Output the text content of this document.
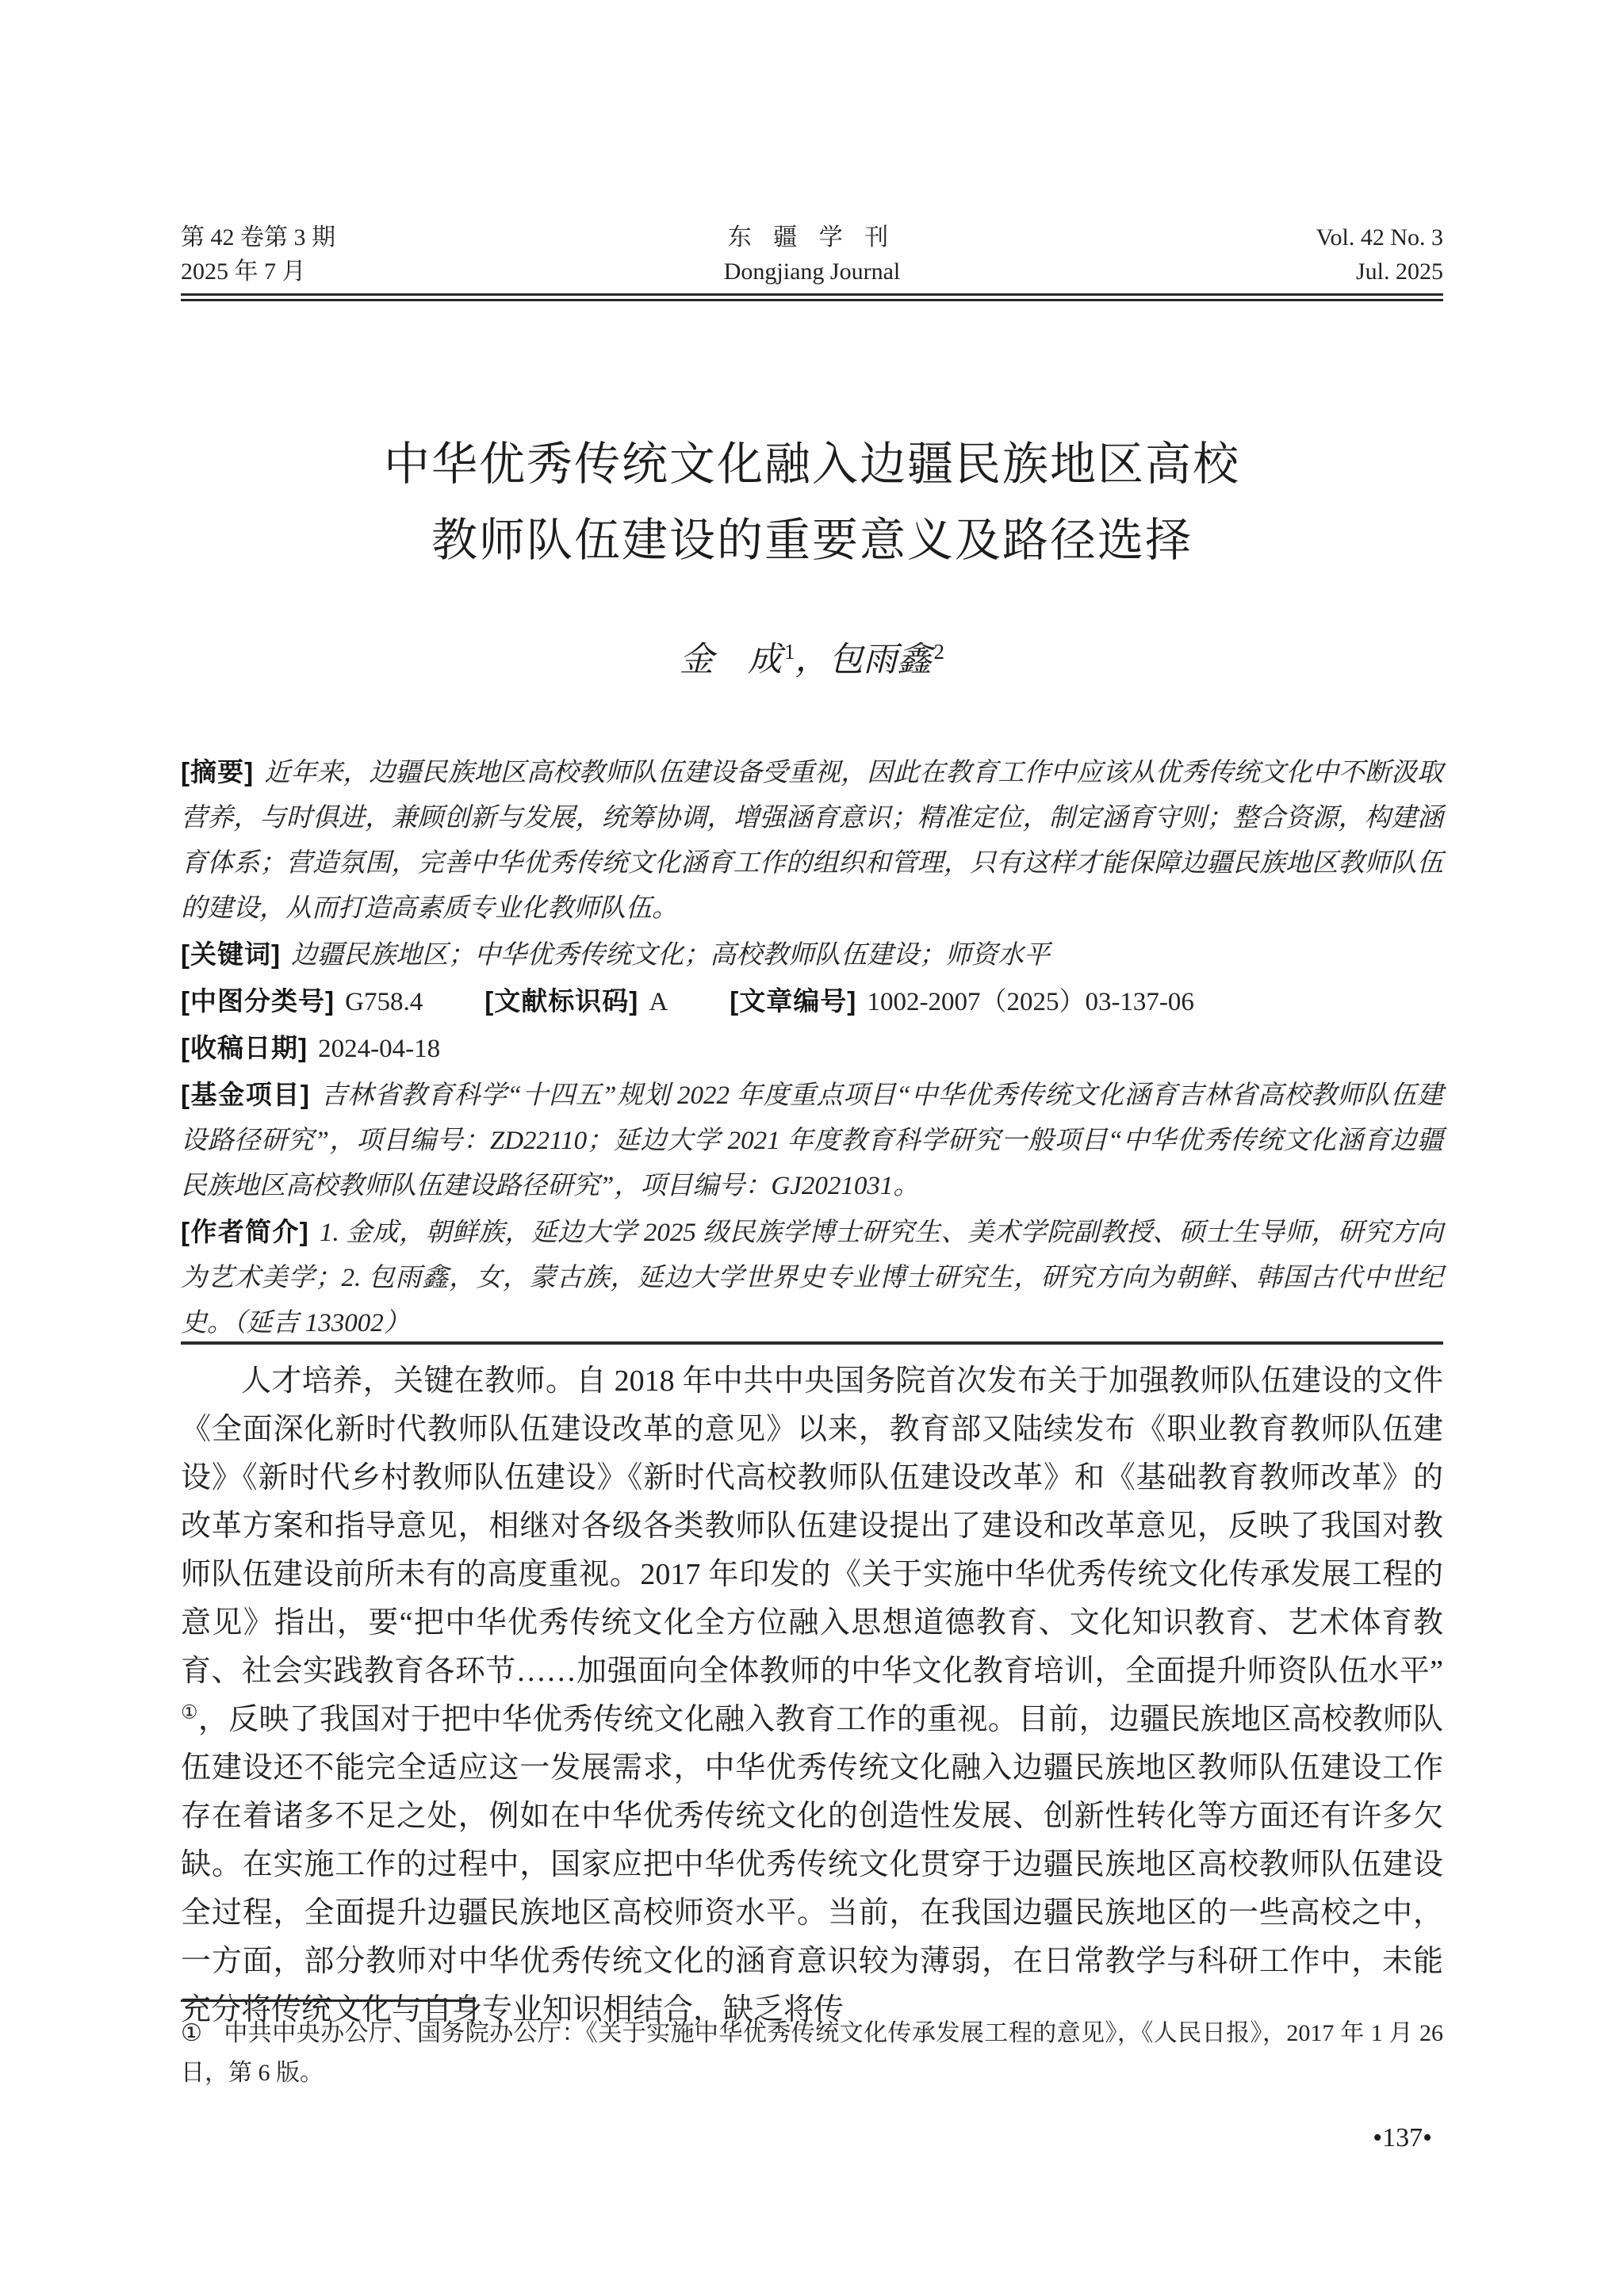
第 42 卷第 3 期
2025 年 7 月
东 疆 学 刊
Dongjiang Journal
Vol. 42 No. 3
Jul. 2025
中华优秀传统文化融入边疆民族地区高校
教师队伍建设的重要意义及路径选择
金　成 $^1$，包雨鑫 $^2$

[摘要] 近年来，边疆民族地区高校教师队伍建设备受重视，因此在教育工作中应该从优秀传统文化中不断汲取营养，与时俱进，兼顾创新与发展，统筹协调，增强涵育意识；精准定位，制定涵育守则；整合资源，构建涵育体系；营造氛围，完善中华优秀传统文化涵育工作的组织和管理，只有这样才能保障边疆民族地区教师队伍的建设，从而打造高素质专业化教师队伍。

[关键词] 边疆民族地区；中华优秀传统文化；高校教师队伍建设；师资水平

[中图分类号] G758.4 [文献标识码] A [文章编号] 1002-2007（2025）03-137-06

[收稿日期] 2024-04-18

[基金项目] 吉林省教育科学“十四五”规划 2022 年度重点项目“中华优秀传统文化涵育吉林省高校教师队伍建设路径研究”，项目编号：ZD22110；延边大学 2021 年度教育科学研究一般项目“中华优秀传统文化涵育边疆民族地区高校教师队伍建设路径研究”，项目编号：GJ2021031。

[作者简介] 1. 金成，朝鲜族，延边大学 2025 级民族学博士研究生、美术学院副教授、硕士生导师，研究方向为艺术美学；2. 包雨鑫，女，蒙古族，延边大学世界史专业博士研究生，研究方向为朝鲜、韩国古代中世纪史。（延吉 133002）

人才培养，关键在教师。自 2018 年中共中央国务院首次发布关于加强教师队伍建设的文件《全面深化新时代教师队伍建设改革的意见》以来，教育部又陆续发布《职业教育教师队伍建设》《新时代乡村教师队伍建设》《新时代高校教师队伍建设改革》和《基础教育教师改革》的改革方案和指导意见，相继对各级各类教师队伍建设提出了建设和改革意见，反映了我国对教师队伍建设前所未有的高度重视。2017 年印发的《关于实施中华优秀传统文化传承发展工程的意见》指出，要“把中华优秀传统文化全方位融入思想道德教育、文化知识教育、艺术体育教育、社会实践教育各环节……加强面向全体教师的中华文化教育培训，全面提升师资队伍水平”①，反映了我国对于把中华优秀传统文化融入教育工作的重视。目前，边疆民族地区高校教师队伍建设还不能完全适应这一发展需求，中华优秀传统文化融入边疆民族地区教师队伍建设工作存在着诸多不足之处，例如在中华优秀传统文化的创造性发展、创新性转化等方面还有许多欠缺。在实施工作的过程中，国家应把中华优秀传统文化贯穿于边疆民族地区高校教师队伍建设全过程，全面提升边疆民族地区高校师资水平。当前，在我国边疆民族地区的一些高校之中，一方面，部分教师对中华优秀传统文化的涵育意识较为薄弱，在日常教学与科研工作中，未能充分将传统文化与自身专业知识相结合，缺乏将传

① 中共中央办公厅、国务院办公厅：《关于实施中华优秀传统文化传承发展工程的意见》，《人民日报》，2017 年 1 月 26 日，第 6 版。
•137•
